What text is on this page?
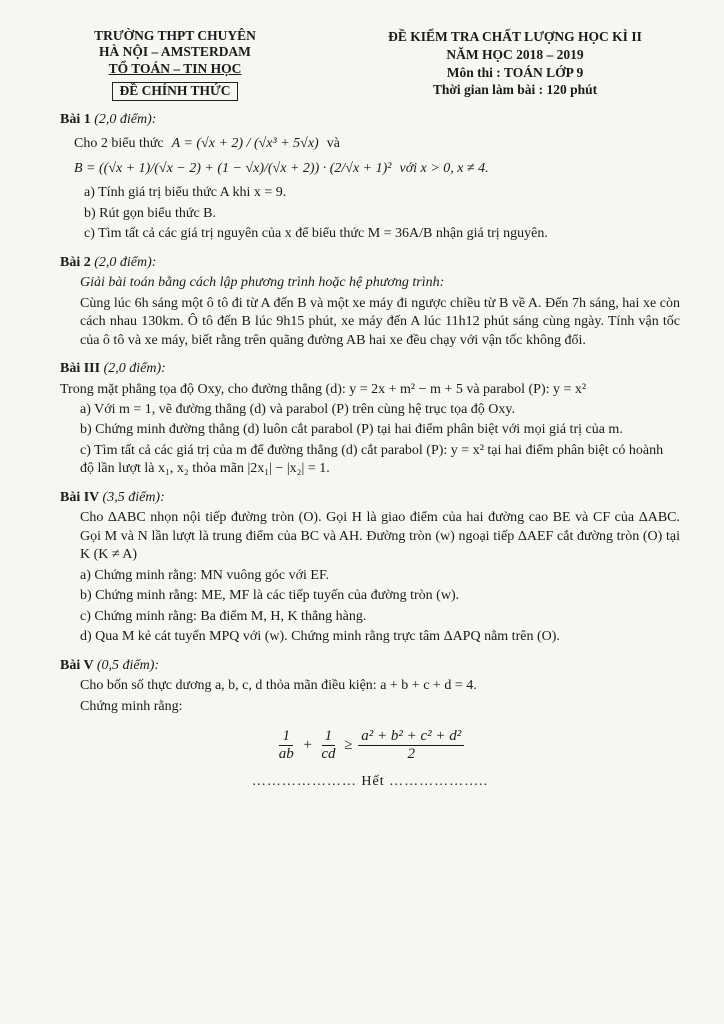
TRƯỜNG THPT CHUYÊN
HÀ NỘI – AMSTERDAM
TỔ TOÁN – TIN HỌC
ĐỀ CHÍNH THỨC
ĐỀ KIỂM TRA CHẤT LƯỢNG HỌC KÌ II
NĂM HỌC 2018 – 2019
Môn thi : TOÁN LỚP 9
Thời gian làm bài : 120 phút
Bài 1 (2,0 điểm):
Cho 2 biểu thức A = (√x + 2) / (√x³ + 5√x) và
B = ((√x + 1)/(√x − 2) + (1 − √x)/(√x + 2)) · (2/√x + 1)² với x > 0, x ≠ 4.

a) Tính giá trị biểu thức A khi x = 9.

b) Rút gọn biểu thức B.

c) Tìm tất cả các giá trị nguyên của x để biểu thức M = 36A/B nhận giá trị nguyên.

Bài 2 (2,0 điểm):

Giải bài toán bằng cách lập phương trình hoặc hệ phương trình:

Cùng lúc 6h sáng một ô tô đi từ A đến B và một xe máy đi ngược chiều từ B về A. Đến 7h sáng, hai xe còn cách nhau 130km. Ô tô đến B lúc 9h15 phút, xe máy đến A lúc 11h12 phút sáng cùng ngày. Tính vận tốc của ô tô và xe máy, biết rằng trên quãng đường AB hai xe đều chạy với vận tốc không đổi.

Bài III (2,0 điểm):

Trong mặt phẳng tọa độ Oxy, cho đường thẳng (d): y = 2x + m² − m + 5 và parabol (P): y = x²

a) Với m = 1, vẽ đường thẳng (d) và parabol (P) trên cùng hệ trục tọa độ Oxy.

b) Chứng minh đường thẳng (d) luôn cắt parabol (P) tại hai điểm phân biệt với mọi giá trị của m.

c) Tìm tất cả các giá trị của m để đường thẳng (d) cắt parabol (P): y = x² tại hai điểm phân biệt có hoành độ lần lượt là x₁, x₂ thỏa mãn |2x₁| − |x₂| = 1.

Bài IV (3,5 điểm):

Cho ΔABC nhọn nội tiếp đường tròn (O). Gọi H là giao điểm của hai đường cao BE và CF của ΔABC. Gọi M và N lần lượt là trung điểm của BC và AH. Đường tròn (w) ngoại tiếp ΔAEF cắt đường tròn (O) tại K (K ≠ A)

a) Chứng minh rằng: MN vuông góc với EF.

b) Chứng minh rằng: ME, MF là các tiếp tuyến của đường tròn (w).

c) Chứng minh rằng: Ba điểm M, H, K thẳng hàng.

d) Qua M kẻ cát tuyến MPQ với (w). Chứng minh rằng trực tâm ΔAPQ nằm trên (O).

Bài V (0,5 điểm):

Cho bốn số thực dương a, b, c, d thỏa mãn điều kiện: a + b + c + d = 4.

Chứng minh rằng:

$\frac{1}{ab} + \frac{1}{cd} \ge \frac{\text{a² + b² + c² + d²}}{2}$
………………… Hết ………………..
